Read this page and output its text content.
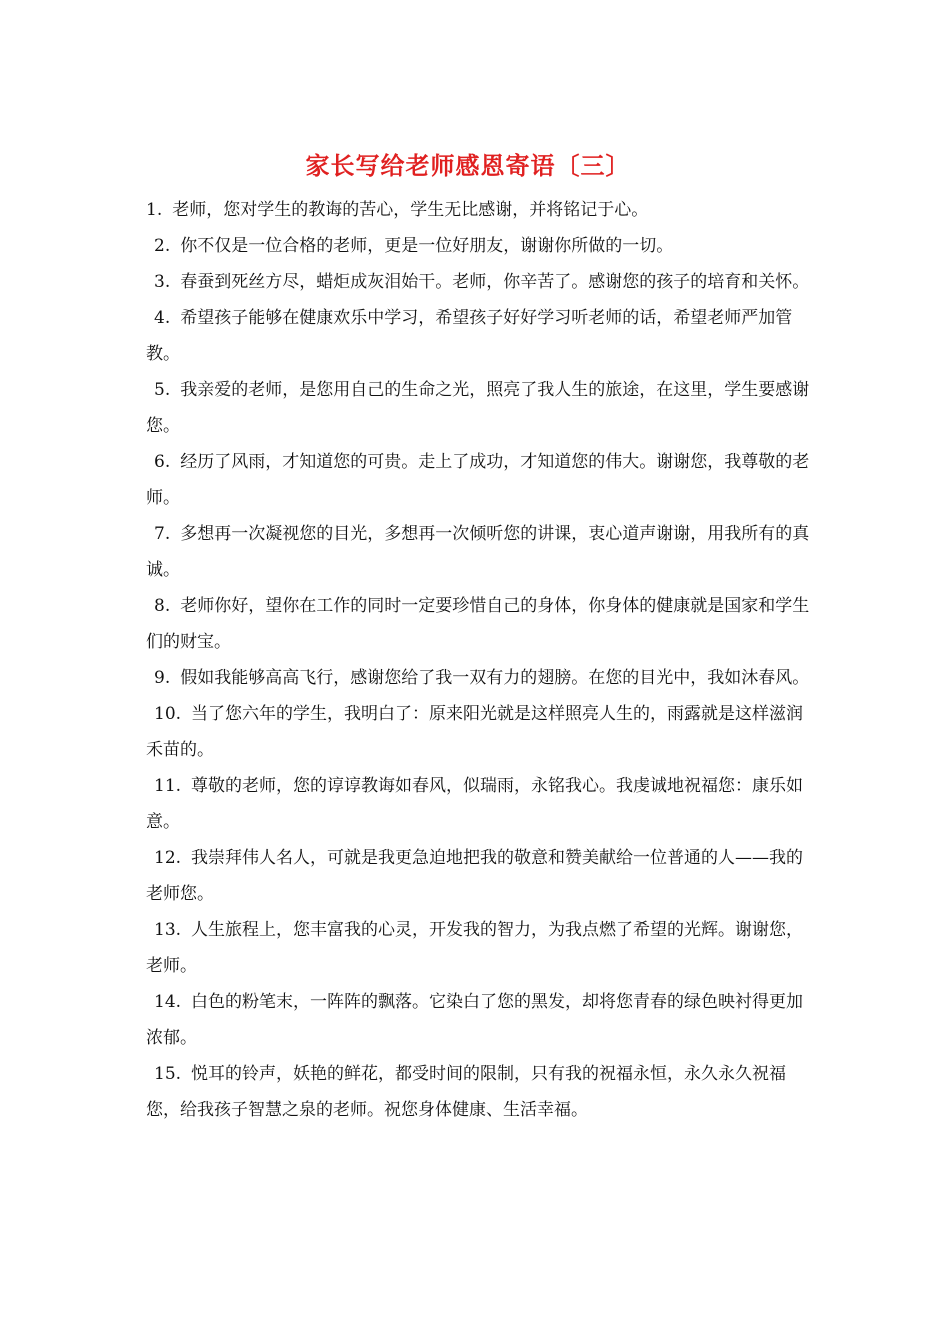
家长写给老师感恩寄语〔三〕

1. 老师，您对学生的教诲的苦心，学生无比感谢，并将铭记于心。

2. 你不仅是一位合格的老师，更是一位好朋友，谢谢你所做的一切。

3. 春蚕到死丝方尽，蜡炬成灰泪始干。老师，你辛苦了。感谢您的孩子的培育和关怀。

4. 希望孩子能够在健康欢乐中学习，希望孩子好好学习听老师的话，希望老师严加管教。

5. 我亲爱的老师，是您用自己的生命之光，照亮了我人生的旅途，在这里，学生要感谢您。

6. 经历了风雨，才知道您的可贵。走上了成功，才知道您的伟大。谢谢您，我尊敬的老师。

7. 多想再一次凝视您的目光，多想再一次倾听您的讲课，衷心道声谢谢，用我所有的真诚。

8. 老师你好，望你在工作的同时一定要珍惜自己的身体，你身体的健康就是国家和学生们的财宝。

9. 假如我能够高高飞行，感谢您给了我一双有力的翅膀。在您的目光中，我如沐春风。

10. 当了您六年的学生，我明白了：原来阳光就是这样照亮人生的，雨露就是这样滋润禾苗的。

11. 尊敬的老师，您的谆谆教诲如春风，似瑞雨，永铭我心。我虔诚地祝福您：康乐如意。

12. 我崇拜伟人名人，可就是我更急迫地把我的敬意和赞美献给一位普通的人——我的老师您。

13. 人生旅程上，您丰富我的心灵，开发我的智力，为我点燃了希望的光辉。谢谢您，老师。

14. 白色的粉笔末，一阵阵的飘落。它染白了您的黑发，却将您青春的绿色映衬得更加浓郁。

15. 悦耳的铃声，妖艳的鲜花，都受时间的限制，只有我的祝福永恒，永久永久祝福您，给我孩子智慧之泉的老师。祝您身体健康、生活幸福。
